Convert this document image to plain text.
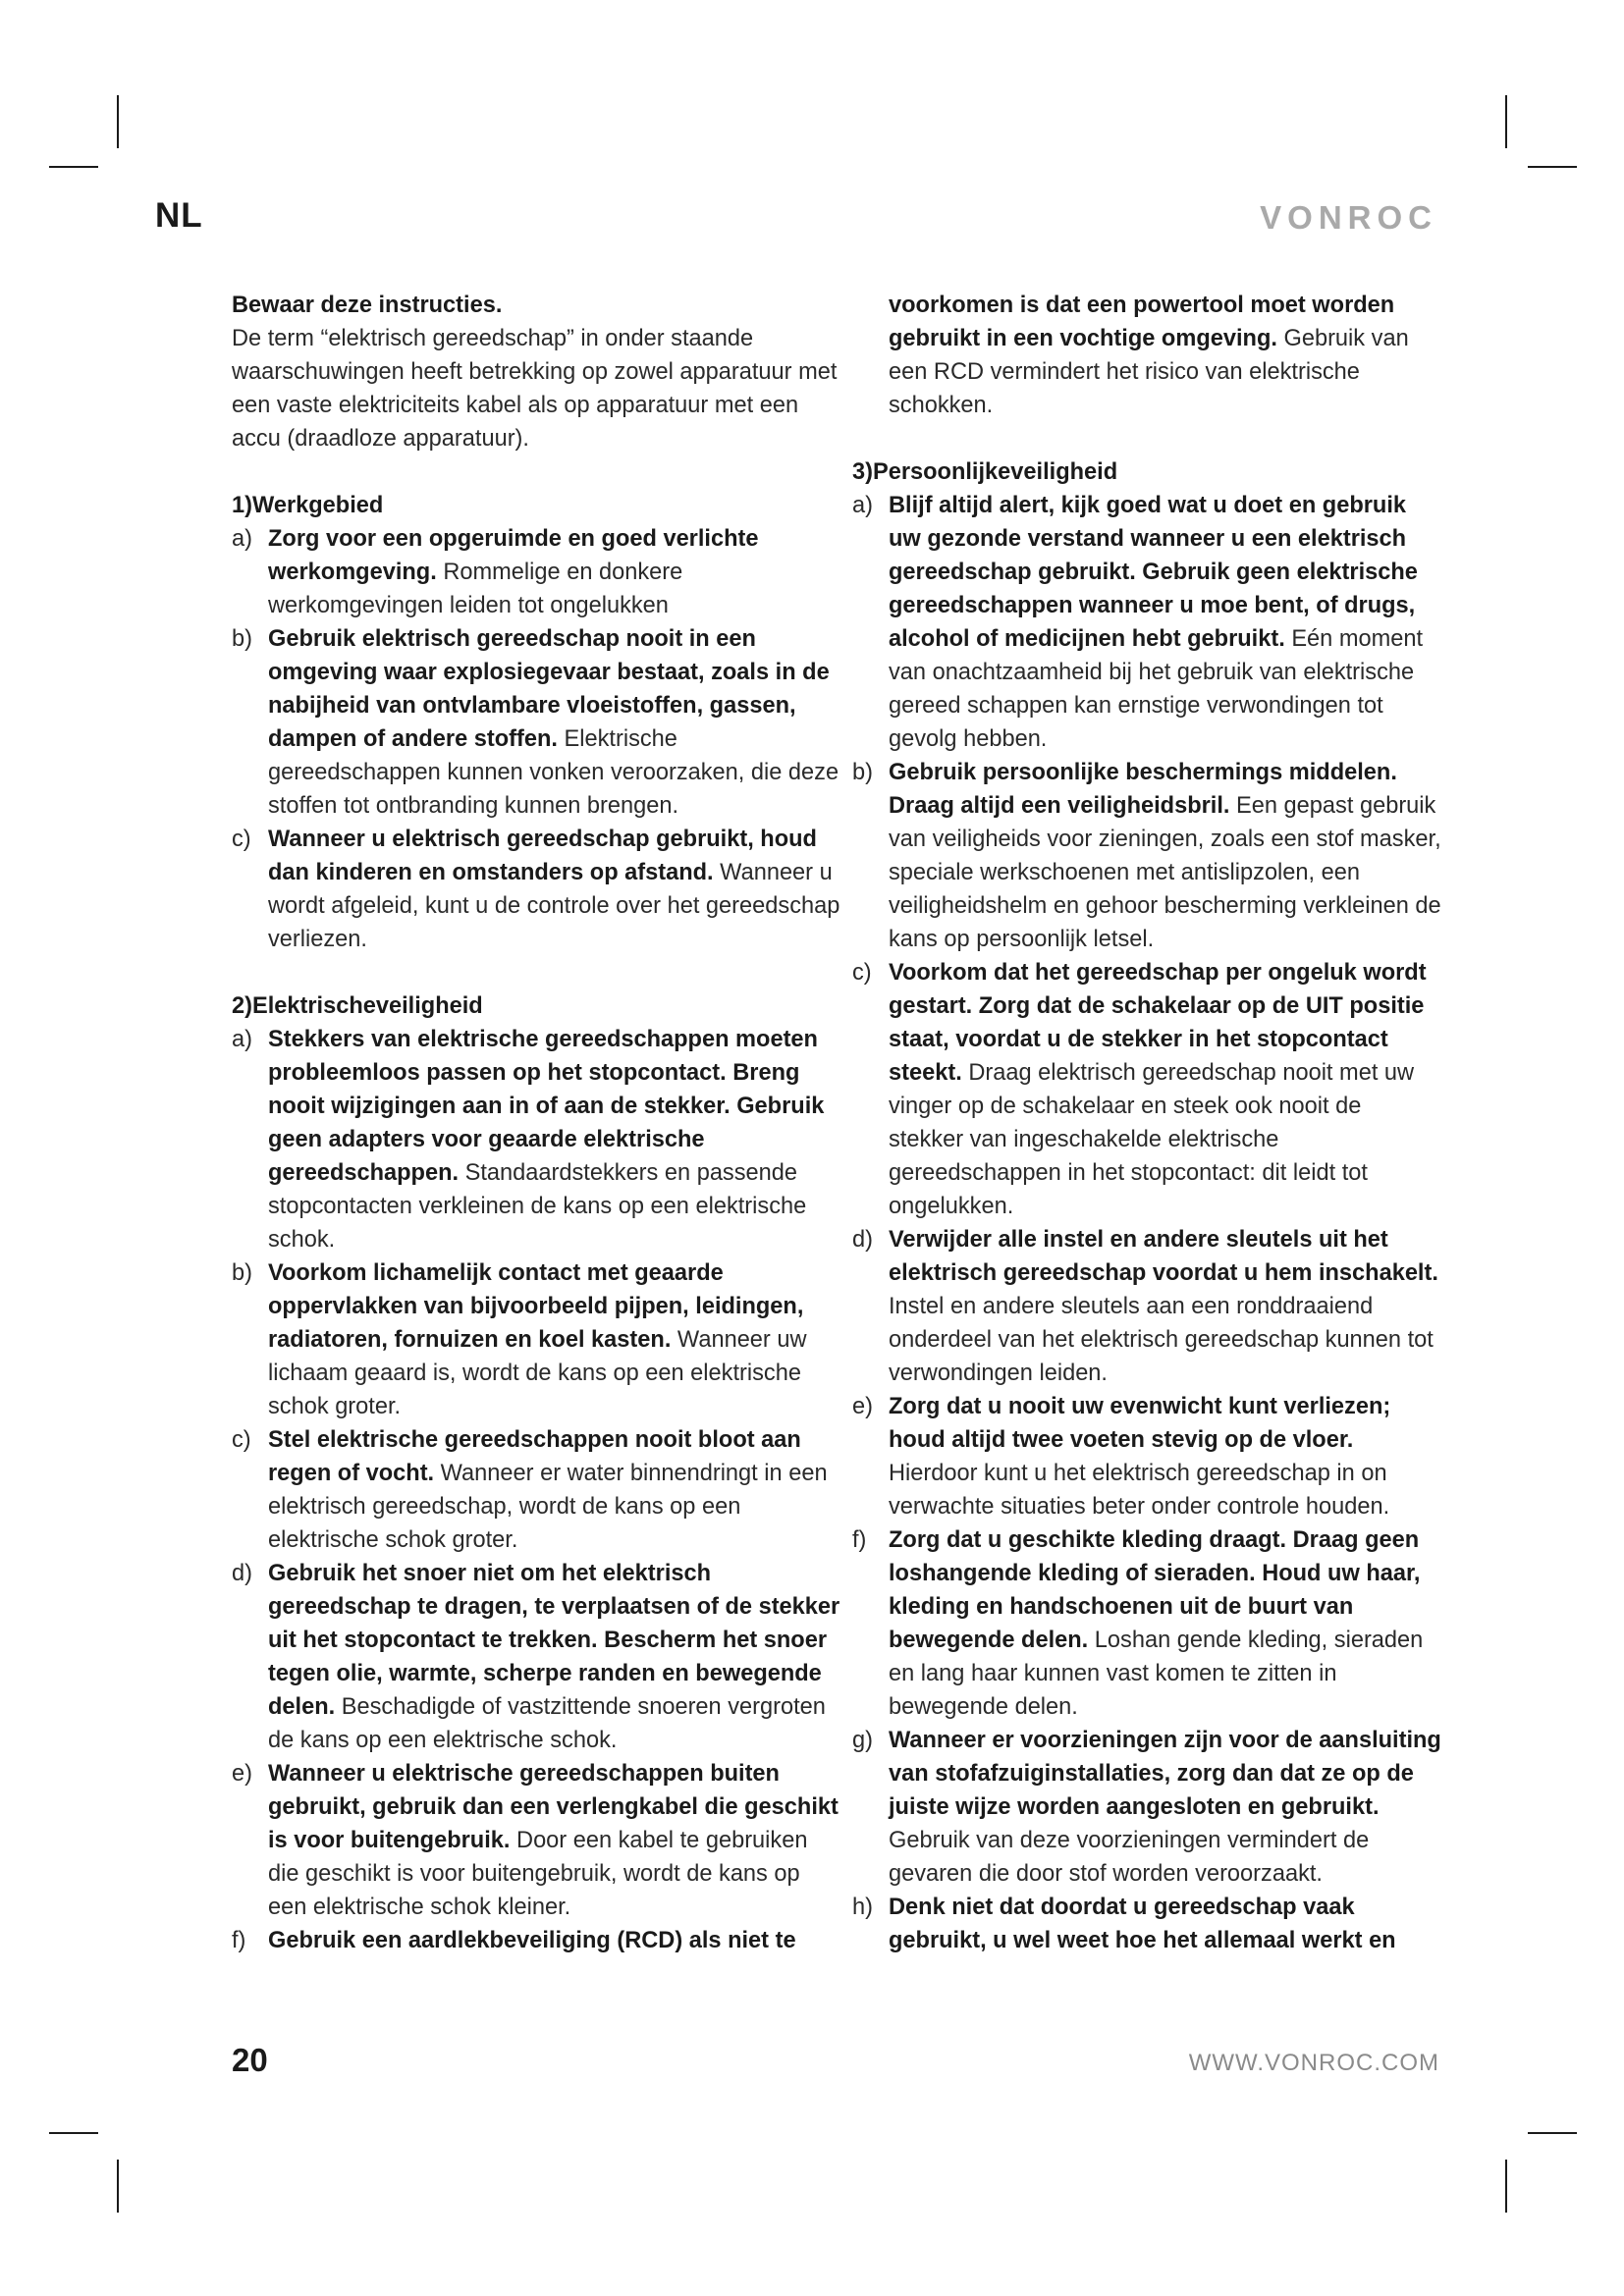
NL	VONROC

Bewaar deze instructies.

De term “elektrisch gereedschap” in onder staande waarschuwingen heeft betrekking op zowel apparatuur met een vaste elektriciteits kabel als op apparatuur met een accu (draadloze apparatuur).

1)Werkgebied

a) Zorg voor een opgeruimde en goed verlichte werkomgeving. Rommelige en donkere werkomgevingen leiden tot ongelukken
b) Gebruik elektrisch gereedschap nooit in een omgeving waar explosiegevaar bestaat, zoals in de nabijheid van ontvlambare vloeistoffen, gassen, dampen of andere stoffen. Elektrische gereedschappen kunnen vonken veroorzaken, die deze stoffen tot ontbranding kunnen brengen.
c) Wanneer u elektrisch gereedschap gebruikt, houd dan kinderen en omstanders op afstand. Wanneer u wordt afgeleid, kunt u de controle over het gereedschap verliezen.

2)Elektrischeveiligheid

a) Stekkers van elektrische gereedschappen moeten probleemloos passen op het stopcontact. Breng nooit wijzigingen aan in of aan de stekker. Gebruik geen adapters voor geaarde elektrische gereedschappen. Standaardstekkers en passende stopcontacten verkleinen de kans op een elektrische schok.
b) Voorkom lichamelijk contact met geaarde oppervlakken van bijvoorbeeld pijpen, leidingen, radiatoren, fornuizen en koel kasten. Wanneer uw lichaam geaard is, wordt de kans op een elektrische schok groter.
c) Stel elektrische gereedschappen nooit bloot aan regen of vocht. Wanneer er water binnendringt in een elektrisch gereedschap, wordt de kans op een elektrische schok groter.
d) Gebruik het snoer niet om het elektrisch gereedschap te dragen, te verplaatsen of de stekker uit het stopcontact te trekken. Bescherm het snoer tegen olie, warmte, scherpe randen en bewegende delen. Beschadigde of vastzittende snoeren vergroten de kans op een elektrische schok.
e) Wanneer u elektrische gereedschappen buiten gebruikt, gebruik dan een verlengkabel die geschikt is voor buitengebruik. Door een kabel te gebruiken die geschikt is voor buitengebruik, wordt de kans op een elektrische schok kleiner.
f) Gebruik een aardlekbeveiliging (RCD) als niet te
voorkomen is dat een powertool moet worden gebruikt in een vochtige omgeving. Gebruik van een RCD vermindert het risico van elektrische schokken.

3)Persoonlijkeveiligheid

a) Blijf altijd alert, kijk goed wat u doet en gebruik uw gezonde verstand wanneer u een elektrisch gereedschap gebruikt. Gebruik geen elektrische gereedschappen wanneer u moe bent, of drugs, alcohol of medicijnen hebt gebruikt. Eén moment van onachtzaamheid bij het gebruik van elektrische gereed schappen kan ernstige verwondingen tot gevolg hebben.
b) Gebruik persoonlijke beschermings middelen. Draag altijd een veiligheidsbril. Een gepast gebruik van veiligheids voor zieningen, zoals een stof masker, speciale werkschoenen met antislipzolen, een veiligheidshelm en gehoor bescherming verkleinen de kans op persoonlijk letsel.
c) Voorkom dat het gereedschap per ongeluk wordt gestart. Zorg dat de schakelaar op de UIT positie staat, voordat u de stekker in het stopcontact steekt. Draag elektrisch gereedschap nooit met uw vinger op de schakelaar en steek ook nooit de stekker van ingeschakelde elektrische gereedschappen in het stopcontact: dit leidt tot ongelukken.
d) Verwijder alle instel en andere sleutels uit het elektrisch gereedschap voordat u hem inschakelt. Instel en andere sleutels aan een ronddraaiend onderdeel van het elektrisch gereedschap kunnen tot verwondingen leiden.
e) Zorg dat u nooit uw evenwicht kunt verliezen; houd altijd twee voeten stevig op de vloer. Hierdoor kunt u het elektrisch gereedschap in on verwachte situaties beter onder controle houden.
f) Zorg dat u geschikte kleding draagt. Draag geen loshangende kleding of sieraden. Houd uw haar, kleding en handschoenen uit de buurt van bewegende delen. Loshan gende kleding, sieraden en lang haar kunnen vast komen te zitten in bewegende delen.
g) Wanneer er voorzieningen zijn voor de aansluiting van stofafzuiginstallaties, zorg dan dat ze op de juiste wijze worden aangesloten en gebruikt. Gebruik van deze voorzieningen vermindert de gevaren die door stof worden veroorzaakt.
h) Denk niet dat doordat u gereedschap vaak gebruikt, u wel weet hoe het allemaal werkt en
20	WWW.VONROC.COM
